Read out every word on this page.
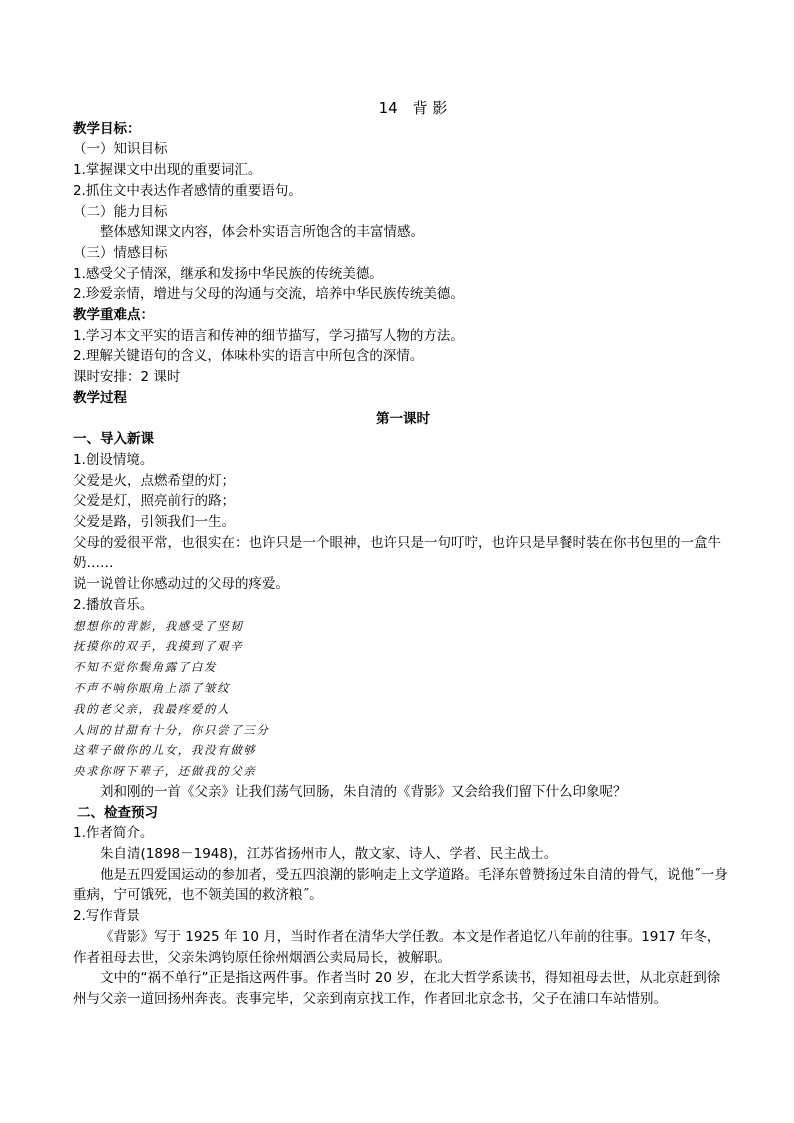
14　背 影
教学目标：
（一）知识目标
1.掌握课文中出现的重要词汇。
2.抓住文中表达作者感情的重要语句。
（二）能力目标
整体感知课文内容，体会朴实语言所饱含的丰富情感。
（三）情感目标
1.感受父子情深，继承和发扬中华民族的传统美德。
2.珍爱亲情，增进与父母的沟通与交流，培养中华民族传统美德。
教学重难点：
1.学习本文平实的语言和传神的细节描写，学习描写人物的方法。
2.理解关键语句的含义，体味朴实的语言中所包含的深情。
课时安排：2 课时
教学过程
第一课时
一、导入新课
1.创设情境。
父爱是火，点燃希望的灯；
父爱是灯，照亮前行的路；
父爱是路，引领我们一生。
父母的爱很平常，也很实在：也许只是一个眼神，也许只是一句叮咛，也许只是早餐时装在你书包里的一盒牛奶……
说一说曾让你感动过的父母的疼爱。
2.播放音乐。
想想你的背影，我感受了坚韧
抚摸你的双手，我摸到了艰辛
不知不觉你鬓角露了白发
不声不响你眼角上添了皱纹
我的老父亲，我最疼爱的人
人间的甘甜有十分，你只尝了三分
这辈子做你的儿女，我没有做够
央求你呀下辈子，还做我的父亲
刘和刚的一首《父亲》让我们荡气回肠，朱自清的《背影》又会给我们留下什么印象呢？
二、检查预习
1.作者简介。
朱自清(1898－1948)，江苏省扬州市人，散文家、诗人、学者、民主战士。
他是五四爱国运动的参加者，受五四浪潮的影响走上文学道路。毛泽东曾赞扬过朱自清的骨气，说他˝一身重病，宁可饿死，也不领美国的救济粮˝。
2.写作背景
《背影》写于 1925 年 10 月，当时作者在清华大学任教。本文是作者追忆八年前的往事。1917 年冬，作者祖母去世，父亲朱鸿钧原任徐州烟酒公卖局局长，被解职。
文中的“祸不单行”正是指这两件事。作者当时 20 岁，在北大哲学系读书，得知祖母去世，从北京赶到徐州与父亲一道回扬州奔丧。丧事完毕，父亲到南京找工作，作者回北京念书，父子在浦口车站惜别。
